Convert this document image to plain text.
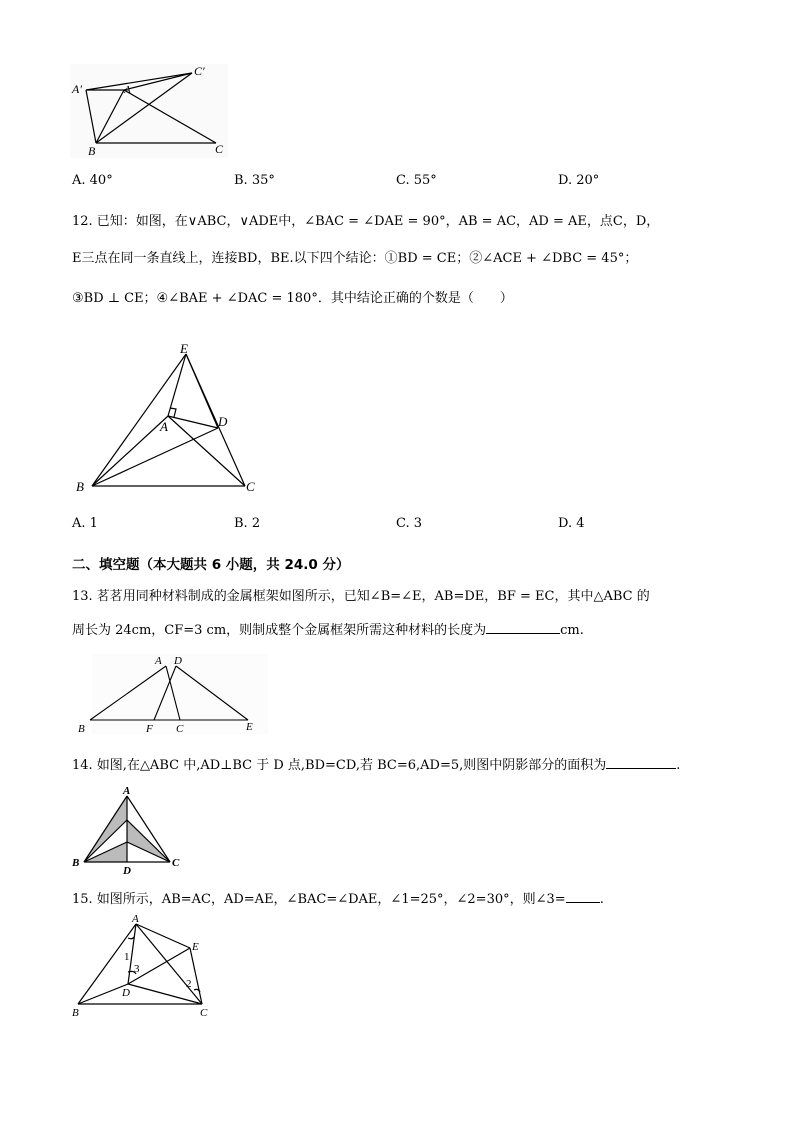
A′	A
C′
B	C
A. 40°	B. 35°	C. 55°	D. 20°
12. 已知：如图，在∨ABC，∨ADE中，∠BAC = ∠DAE = 90°，AB = AC，AD = AE，点C，D，
E三点在同一条直线上，连接BD，BE.以下四个结论：①BD = CE；②∠ACE + ∠DBC = 45°；
③BD ⊥ CE；④∠BAE + ∠DAC = 180°．其中结论正确的个数是（　　）
E
A	D
B	C
A. 1	B. 2	C. 3	D. 4
二、填空题（本大题共 6 小题，共 24.0 分）
13. 茗茗用同种材料制成的金属框架如图所示，已知∠B=∠E，AB=DE，BF = EC，其中△ABC 的
周长为 24cm，CF=3 cm，则制成整个金属框架所需这种材料的长度为	cm.
A D
B	F C	E
14. 如图,在△ABC 中,AD⊥BC 于 D 点,BD=CD,若 BC=6,AD=5,则图中阴影部分的面积为	.
A
B
D
C
15. 如图所示，AB=AC，AD=AE，∠BAC=∠DAE，∠1=25°，∠2=30°，则∠3=	.
A
E
1
3
D
2
B	C
